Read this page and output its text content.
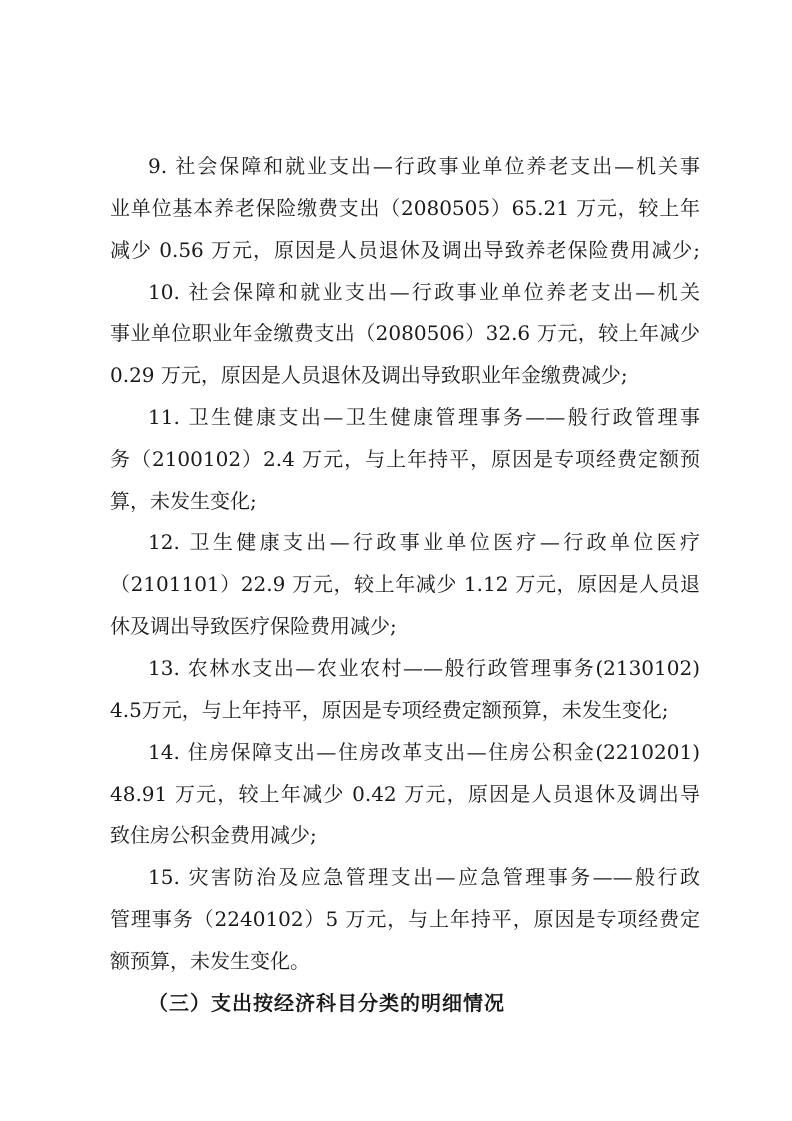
9. 社会保障和就业支出—行政事业单位养老支出—机关事
业单位基本养老保险缴费支出（2080505）65.21 万元，较上年
减少 0.56 万元，原因是人员退休及调出导致养老保险费用减少;
10. 社会保障和就业支出—行政事业单位养老支出—机关
事业单位职业年金缴费支出（2080506）32.6 万元，较上年减少
0.29 万元，原因是人员退休及调出导致职业年金缴费减少;
11. 卫生健康支出—卫生健康管理事务——般行政管理事
务（2100102）2.4 万元，与上年持平，原因是专项经费定额预
算，未发生变化;
12. 卫生健康支出—行政事业单位医疗—行政单位医疗
（2101101）22.9 万元，较上年减少 1.12 万元，原因是人员退
休及调出导致医疗保险费用减少;
13. 农林水支出—农业农村——般行政管理事务(2130102)
4.5万元，与上年持平，原因是专项经费定额预算，未发生变化;
14. 住房保障支出—住房改革支出—住房公积金(2210201)
48.91 万元，较上年减少 0.42 万元，原因是人员退休及调出导
致住房公积金费用减少;
15. 灾害防治及应急管理支出—应急管理事务——般行政
管理事务（2240102）5 万元，与上年持平，原因是专项经费定
额预算，未发生变化。
（三）支出按经济科目分类的明细情况
